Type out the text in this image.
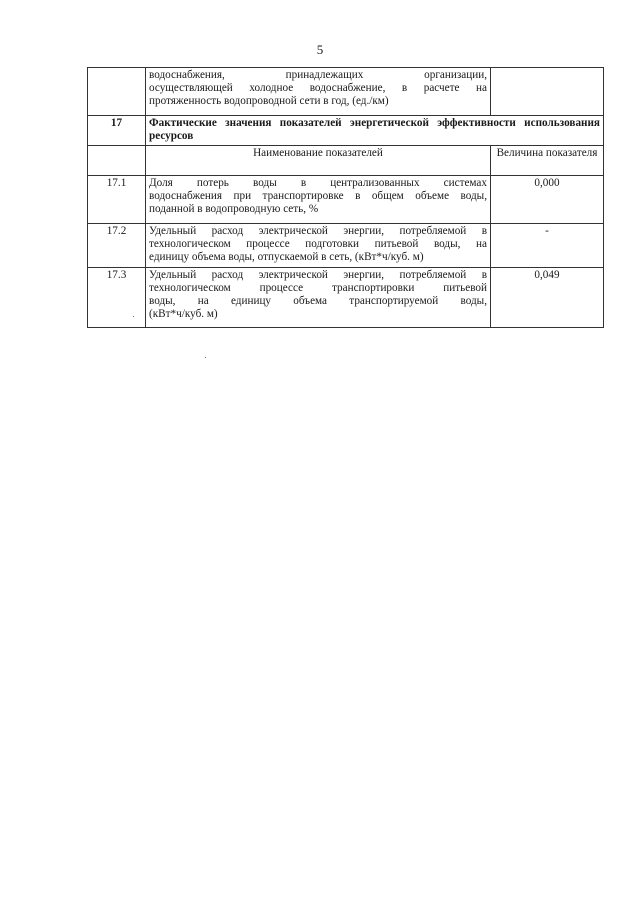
5

	водоснабжения, принадлежащих организации,
осуществляющей холодное водоснабжение, в расчете на
протяженность водопроводной сети в год, (ед./км)	

17	Фактические значения показателей энергетической эффективности использования ресурсов	
	Наименование показателей	Величина показателя
17.1	Доля потерь воды в централизованных системах
водоснабжения при транспортировке в общем объеме воды,
поданной в водопроводную сеть, %	0,000
17.2	Удельный расход электрической энергии, потребляемой в
технологическом процессе подготовки питьевой воды, на
единицу объема воды, отпускаемой в сеть, (кВт*ч/куб. м)	-
17.3	Удельный расход электрической энергии, потребляемой в
технологическом процессе транспортировки питьевой
воды, на единицу объема транспортируемой воды,
(кВт*ч/куб. м)	0,049
